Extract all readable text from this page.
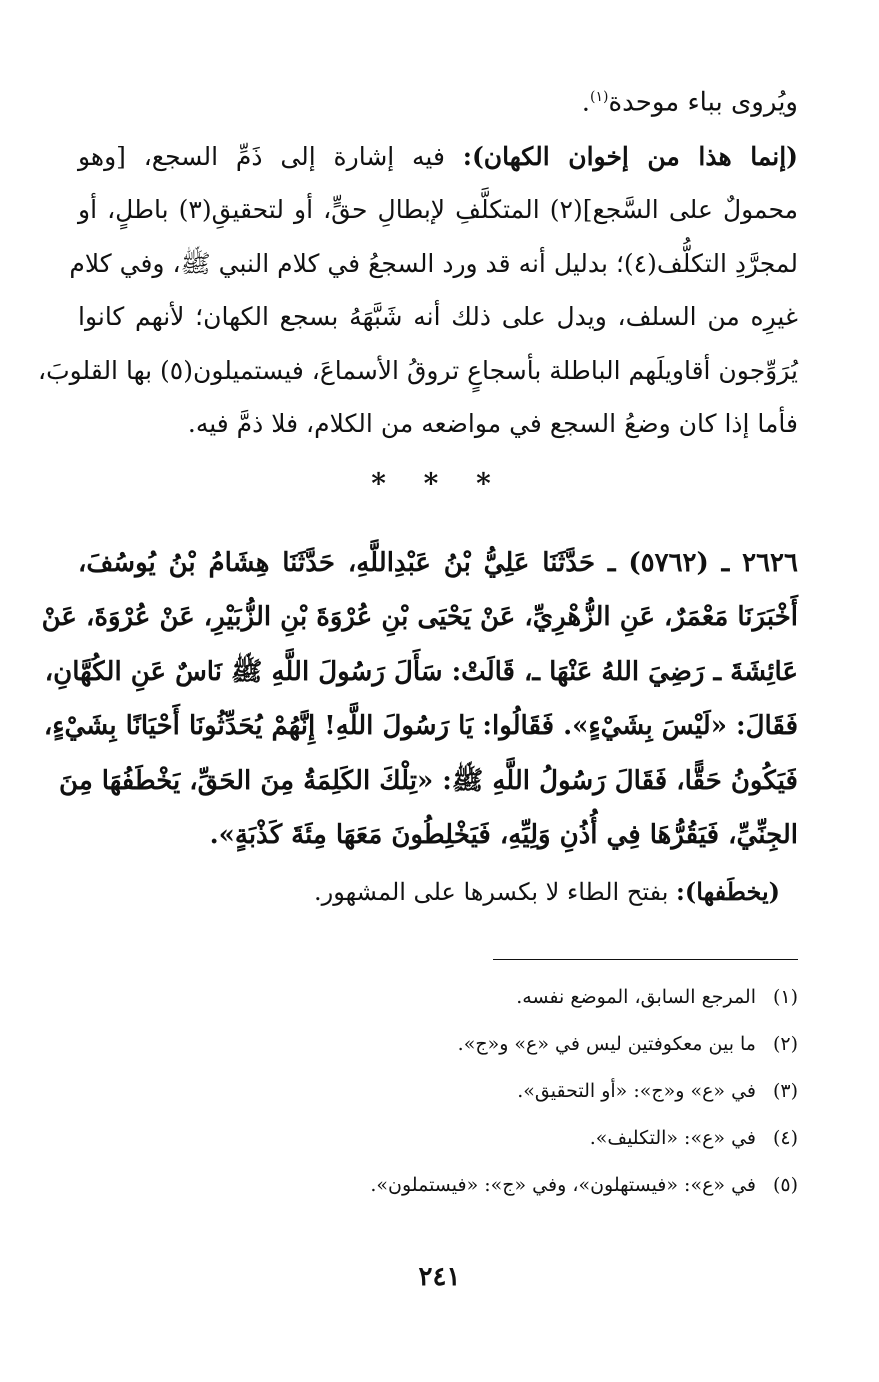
ويُروى بباء موحدة$^{(١)}$.
(إنما هذا من إخوان الكهان): فيه إشارة إلى ذَمِّ السجع، [وهو
محمولٌ على السَّجع](٢) المتكلَّفِ لإبطالِ حقٍّ، أو لتحقيقِ(٣) باطلٍ، أو
لمجرَّدِ التكلُّف(٤)؛ بدليل أنه قد ورد السجعُ في كلام النبي ﷺ، وفي كلام
غيرِه من السلف، ويدل على ذلك أنه شَبَّهَهُ بسجع الكهان؛ لأنهم كانوا
يُرَوِّجون أقاويلَهم الباطلة بأسجاعٍ تروقُ الأسماعَ، فيستميلون(٥) بها القلوبَ،
فأما إذا كان وضعُ السجع في مواضعه من الكلام، فلا ذمَّ فيه.
* * *
٢٦٢٦ ـ (٥٧٦٢) ـ حَدَّثَنَا عَلِيُّ بْنُ عَبْدِاللَّهِ، حَدَّثَنَا هِشَامُ بْنُ يُوسُفَ،
أَخْبَرَنَا مَعْمَرٌ، عَنِ الزُّهْرِيِّ، عَنْ يَحْيَى بْنِ عُرْوَةَ بْنِ الزُّبَيْرِ، عَنْ عُرْوَةَ، عَنْ
عَائِشَةَ ـ رَضِيَ اللهُ عَنْهَا ـ، قَالَتْ: سَأَلَ رَسُولَ اللَّهِ ﷺ نَاسٌ عَنِ الكُهَّانِ،
فَقَالَ: «لَيْسَ بِشَيْءٍ». فَقَالُوا: يَا رَسُولَ اللَّهِ! إِنَّهُمْ يُحَدِّثُونَا أَحْيَانًا بِشَيْءٍ،
فَيَكُونُ حَقًّا، فَقَالَ رَسُولُ اللَّهِ ﷺ: «تِلْكَ الكَلِمَةُ مِنَ الحَقِّ، يَخْطَفُهَا مِنَ
الجِنِّيِّ، فَيَقُرُّهَا فِي أُذُنِ وَلِيِّهِ، فَيَخْلِطُونَ مَعَهَا مِئَةَ كَذْبَةٍ».
(يخطَفها): بفتح الطاء لا بكسرها على المشهور.
(١)المرجع السابق، الموضع نفسه.
(٢)ما بين معكوفتين ليس في «ع» و«ج».
(٣)في «ع» و«ج»: «أو التحقيق».
(٤)في «ع»: «التكليف».
(٥)في «ع»: «فيستهلون»، وفي «ج»: «فيستملون».
٢٤١
